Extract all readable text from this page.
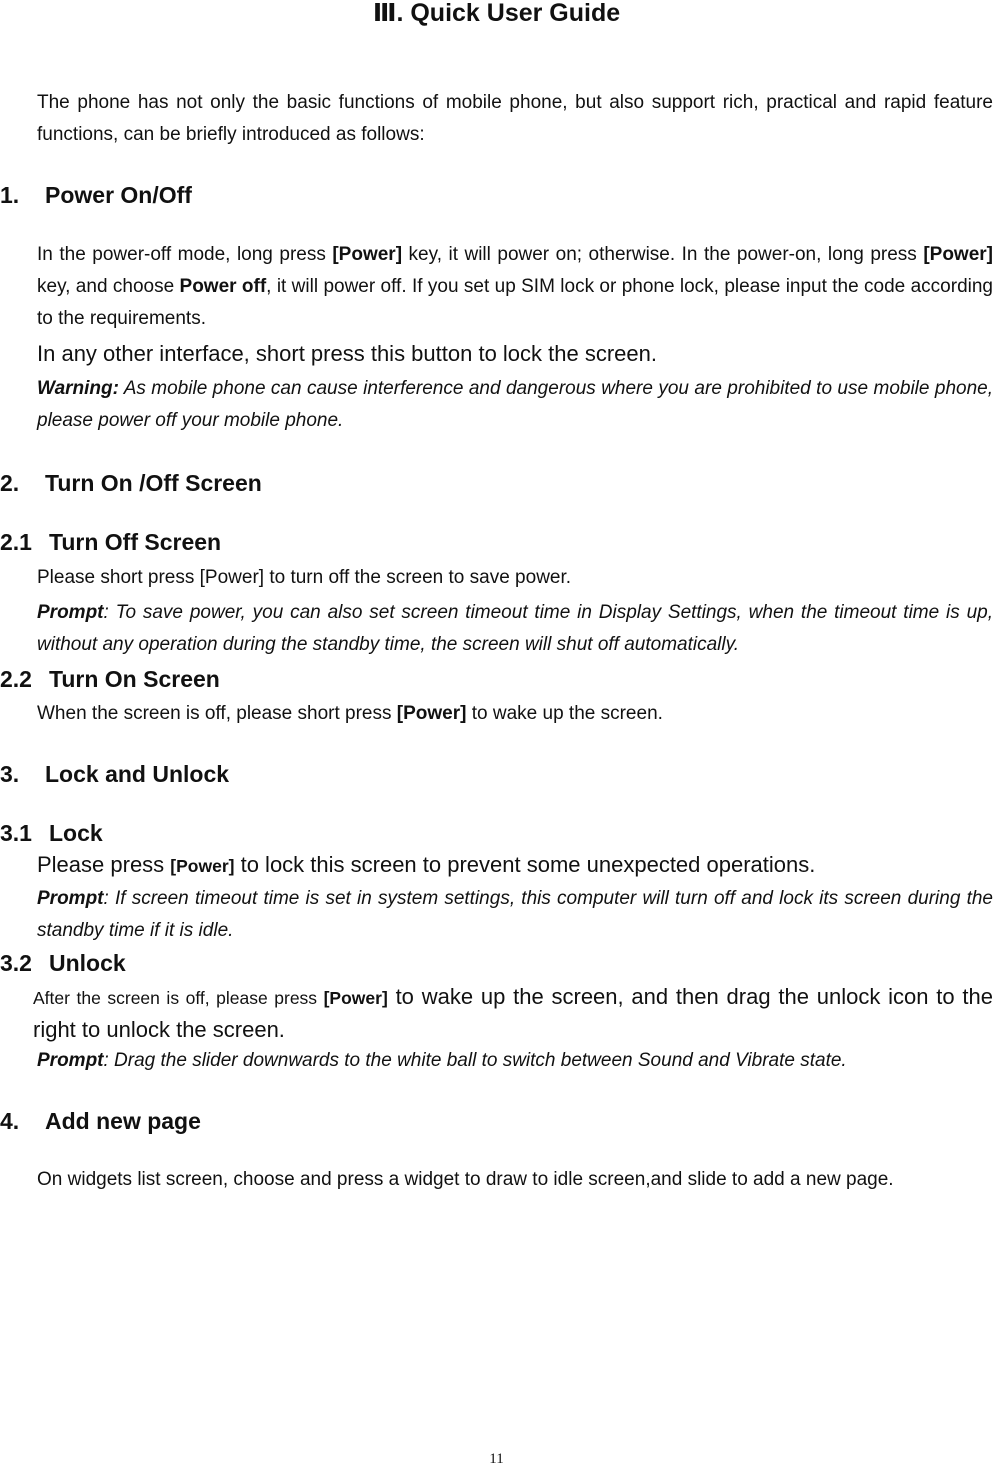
Ⅲ. Quick User Guide

The phone has not only the basic functions of mobile phone, but also support rich, practical and rapid feature functions, can be briefly introduced as follows:

1. Power On/Off

In the power-off mode, long press [Power] key, it will power on; otherwise. In the power-on, long press [Power] key, and choose Power off, it will power off. If you set up SIM lock or phone lock, please input the code according to the requirements.

In any other interface, short press this button to lock the screen.

Warning: As mobile phone can cause interference and dangerous where you are prohibited to use mobile phone, please power off your mobile phone.

2. Turn On /Off Screen
2.1 Turn Off Screen

Please short press [Power] to turn off the screen to save power.

Prompt: To save power, you can also set screen timeout time in Display Settings, when the timeout time is up, without any operation during the standby time, the screen will shut off automatically.

2.2 Turn On Screen

When the screen is off, please short press [Power] to wake up the screen.

3. Lock and Unlock
3.1 Lock

Please press [Power] to lock this screen to prevent some unexpected operations.

Prompt: If screen timeout time is set in system settings, this computer will turn off and lock its screen during the standby time if it is idle.

3.2 Unlock

After the screen is off, please press [Power] to wake up the screen, and then drag the unlock icon to the right to unlock the screen.

Prompt: Drag the slider downwards to the white ball to switch between Sound and Vibrate state.

4. Add new page

On widgets list screen, choose and press a widget to draw to idle screen,and slide to add a new page.

11
